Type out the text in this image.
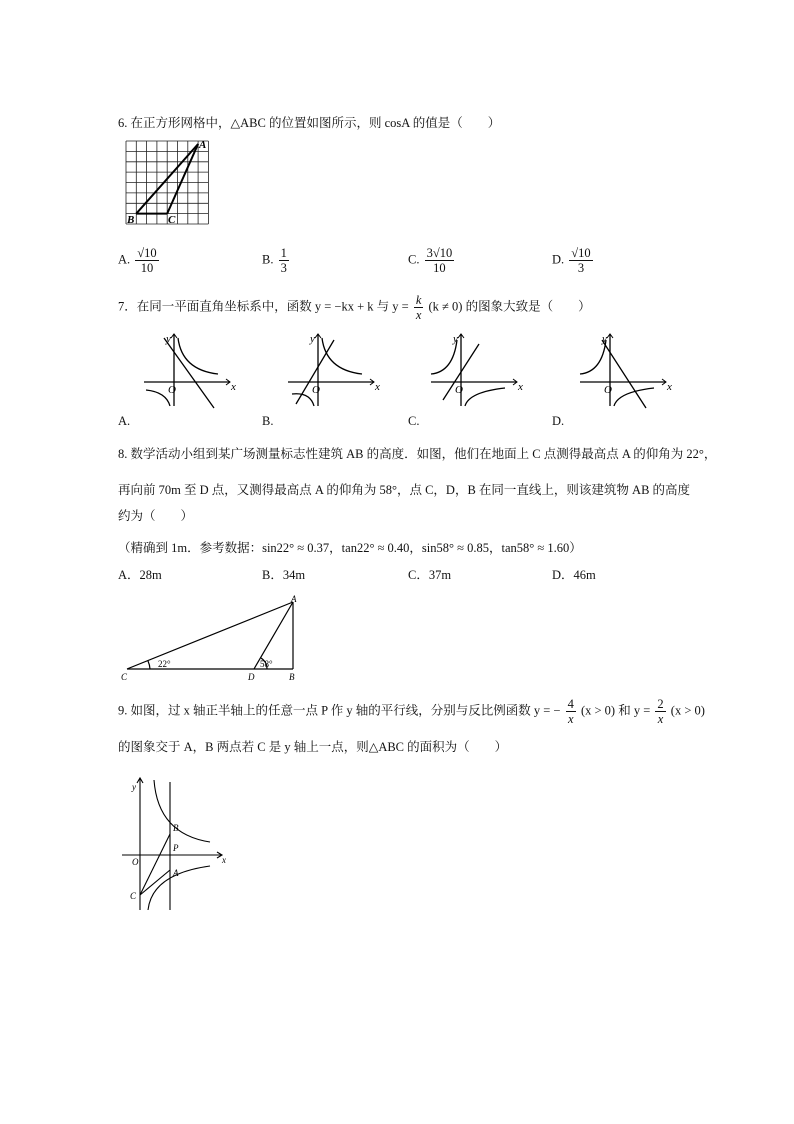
6. 在正方形网格中，△ABC 的位置如图所示，则 cosA 的值是（　　）
A
B	C
A. $\frac{√10}{10}$	B. $\frac{1}{3}$	C. $\frac{3√10}{10}$	D. $\frac{√10}{3}$
7．在同一平面直角坐标系中，函数 y = −kx + k 与 $y = \frac{k}{x} (k \ne 0)$ 的图象大致是（　　）
x
y
O	x
y
O	x
y
O	x
y
O
A.	B.	C.	D.
8. 数学活动小组到某广场测量标志性建筑 AB 的高度．如图，他们在地面上 C 点测得最高点 A 的仰角为 22°，
再向前 70m 至 D 点，又测得最高点 A 的仰角为 58°，点 C，D，B 在同一直线上，则该建筑物 AB 的高度
约为（　　）
（精确到 1m．参考数据：sin22° ≈ 0.37，tan22° ≈ 0.40，sin58° ≈ 0.85，tan58° ≈ 1.60）
A．28m	B．34m	C．37m	D．46m
A
B
C	D
22°	58°
9. 如图，过 x 轴正半轴上的任意一点 P 作 y 轴的平行线，分别与反比例函数 y = − $\frac{4}{x} (x > 0)$ 和 $y = \frac{2}{x} (x > 0)$
的图象交于 A，B 两点若 C 是 y 轴上一点，则△ABC 的面积为（　　）
y
x
O
B
P
A
C
